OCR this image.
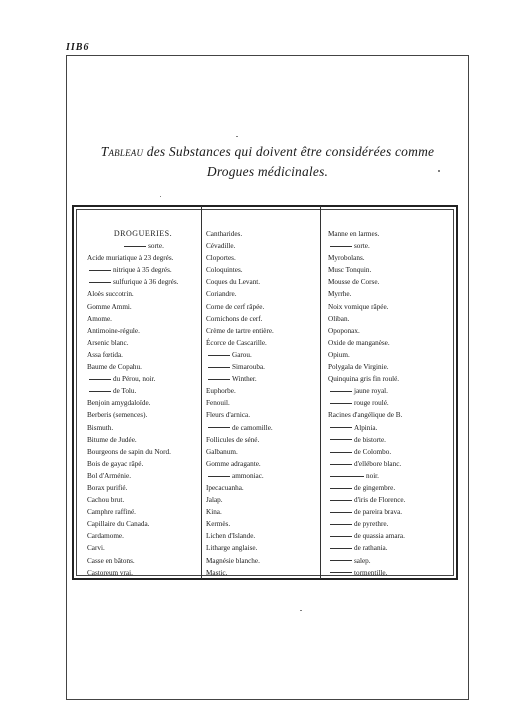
IIB6
Tableau des Substances qui doivent être considérées comme
Drogues médicinales.
DROGUERIES.
sorte.
Acide muriatique à 23 degrés.
nitrique à 35 degrés.
sulfurique à 36 degrés.
Aloès succotrin.
Gomme Ammi.
Amome.
Antimoine-régule.
Arsenic blanc.
Assa fœtida.
Baume de Copahu.
du Pérou, noir.
de Tolu.
Benjoin amygdaloïde.
Berberis (semences).
Bismuth.
Bitume de Judée.
Bourgeons de sapin du Nord.
Bois de gayac râpé.
Bol d'Arménie.
Borax purifié.
Cachou brut.
Camphre raffiné.
Capillaire du Canada.
Cardamome.
Carvi.
Casse en bâtons.
Castoreum vrai.
Cantharides.
Cévadille.
Cloportes.
Coloquintes.
Coques du Levant.
Coriandre.
Corne de cerf râpée.
Cornichons de cerf.
Crème de tartre entière.
Écorce de Cascarille.
Garou.
Simarouba.
Winther.
Euphorbe.
Fenouil.
Fleurs d'arnica.
de camomille.
Follicules de séné.
Galbanum.
Gomme adragante.
ammoniac.
Ipecacuanha.
Jalap.
Kina.
Kermès.
Lichen d'Islande.
Litharge anglaise.
Magnésie blanche.
Mastic.
Manne en larmes.
sorte.
Myrobolans.
Musc Tonquin.
Mousse de Corse.
Myrrhe.
Noix vomique râpée.
Oliban.
Opoponax.
Oxide de manganèse.
Opium.
Polygala de Virginie.
Quinquina gris fin roulé.
jaune royal.
rouge roulé.
Racines d'angélique de B.
Alpinia.
de bistorte.
de Colombo.
d'ellébore blanc.
noir.
de gingembre.
d'iris de Florence.
de pareira brava.
de pyrethre.
de quassia amara.
de rathania.
salep.
tormentille.
